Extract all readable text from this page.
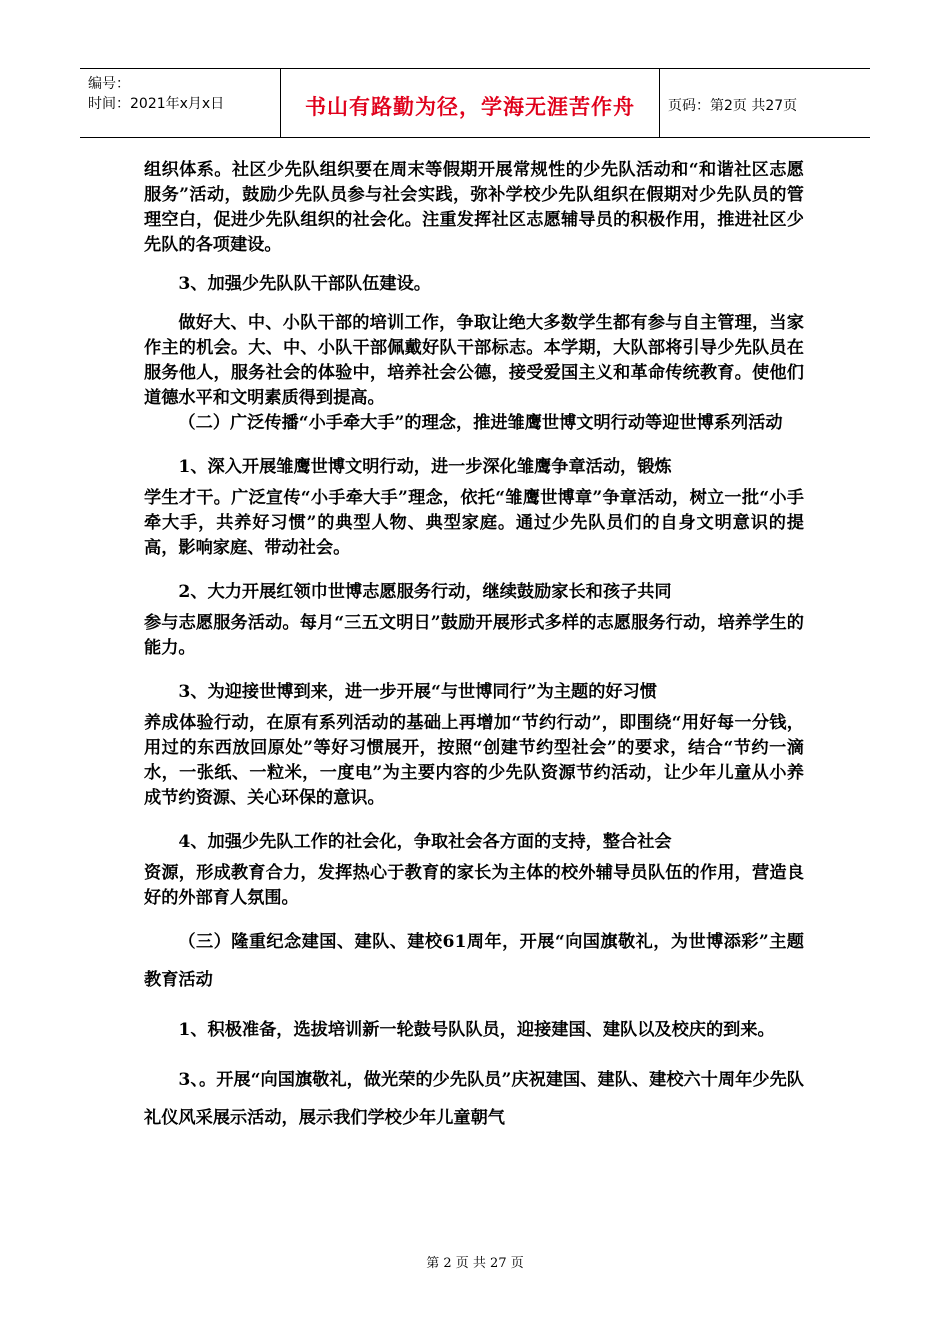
编号：
时间：2021年x月x日	书山有路勤为径，学海无涯苦作舟	页码：第2页 共27页

组织体系。社区少先队组织要在周末等假期开展常规性的少先队活动和“和谐社区志愿服务”活动，鼓励少先队员参与社会实践，弥补学校少先队组织在假期对少先队员的管理空白，促进少先队组织的社会化。注重发挥社区志愿辅导员的积极作用，推进社区少先队的各项建设。

3、加强少先队队干部队伍建设。

做好大、中、小队干部的培训工作，争取让绝大多数学生都有参与自主管理，当家作主的机会。大、中、小队干部佩戴好队干部标志。本学期，大队部将引导少先队员在服务他人，服务社会的体验中，培养社会公德，接受爱国主义和革命传统教育。使他们道德水平和文明素质得到提高。

（二）广泛传播“小手牵大手”的理念，推进雏鹰世博文明行动等迎世博系列活动

1、深入开展雏鹰世博文明行动，进一步深化雏鹰争章活动，锻炼

学生才干。广泛宣传“小手牵大手”理念，依托“雏鹰世博章”争章活动，树立一批“小手牵大手，共养好习惯”的典型人物、典型家庭。通过少先队员们的自身文明意识的提高，影响家庭、带动社会。

2、大力开展红领巾世博志愿服务行动，继续鼓励家长和孩子共同

参与志愿服务活动。每月“三五文明日”鼓励开展形式多样的志愿服务行动，培养学生的能力。

3、为迎接世博到来，进一步开展“与世博同行”为主题的好习惯

养成体验行动，在原有系列活动的基础上再增加“节约行动”，即围绕“用好每一分钱，用过的东西放回原处”等好习惯展开，按照“创建节约型社会”的要求，结合“节约一滴水，一张纸、一粒米，一度电”为主要内容的少先队资源节约活动，让少年儿童从小养成节约资源、关心环保的意识。

4、加强少先队工作的社会化，争取社会各方面的支持，整合社会

资源，形成教育合力，发挥热心于教育的家长为主体的校外辅导员队伍的作用，营造良好的外部育人氛围。

（三）隆重纪念建国、建队、建校61周年，开展“向国旗敬礼，为世博添彩”主题教育活动

1、积极准备，选拔培训新一轮鼓号队队员，迎接建国、建队以及校庆的到来。

3、。开展“向国旗敬礼，做光荣的少先队员”庆祝建国、建队、建校六十周年少先队礼仪风采展示活动，展示我们学校少年儿童朝气

第 2 页 共 27 页
